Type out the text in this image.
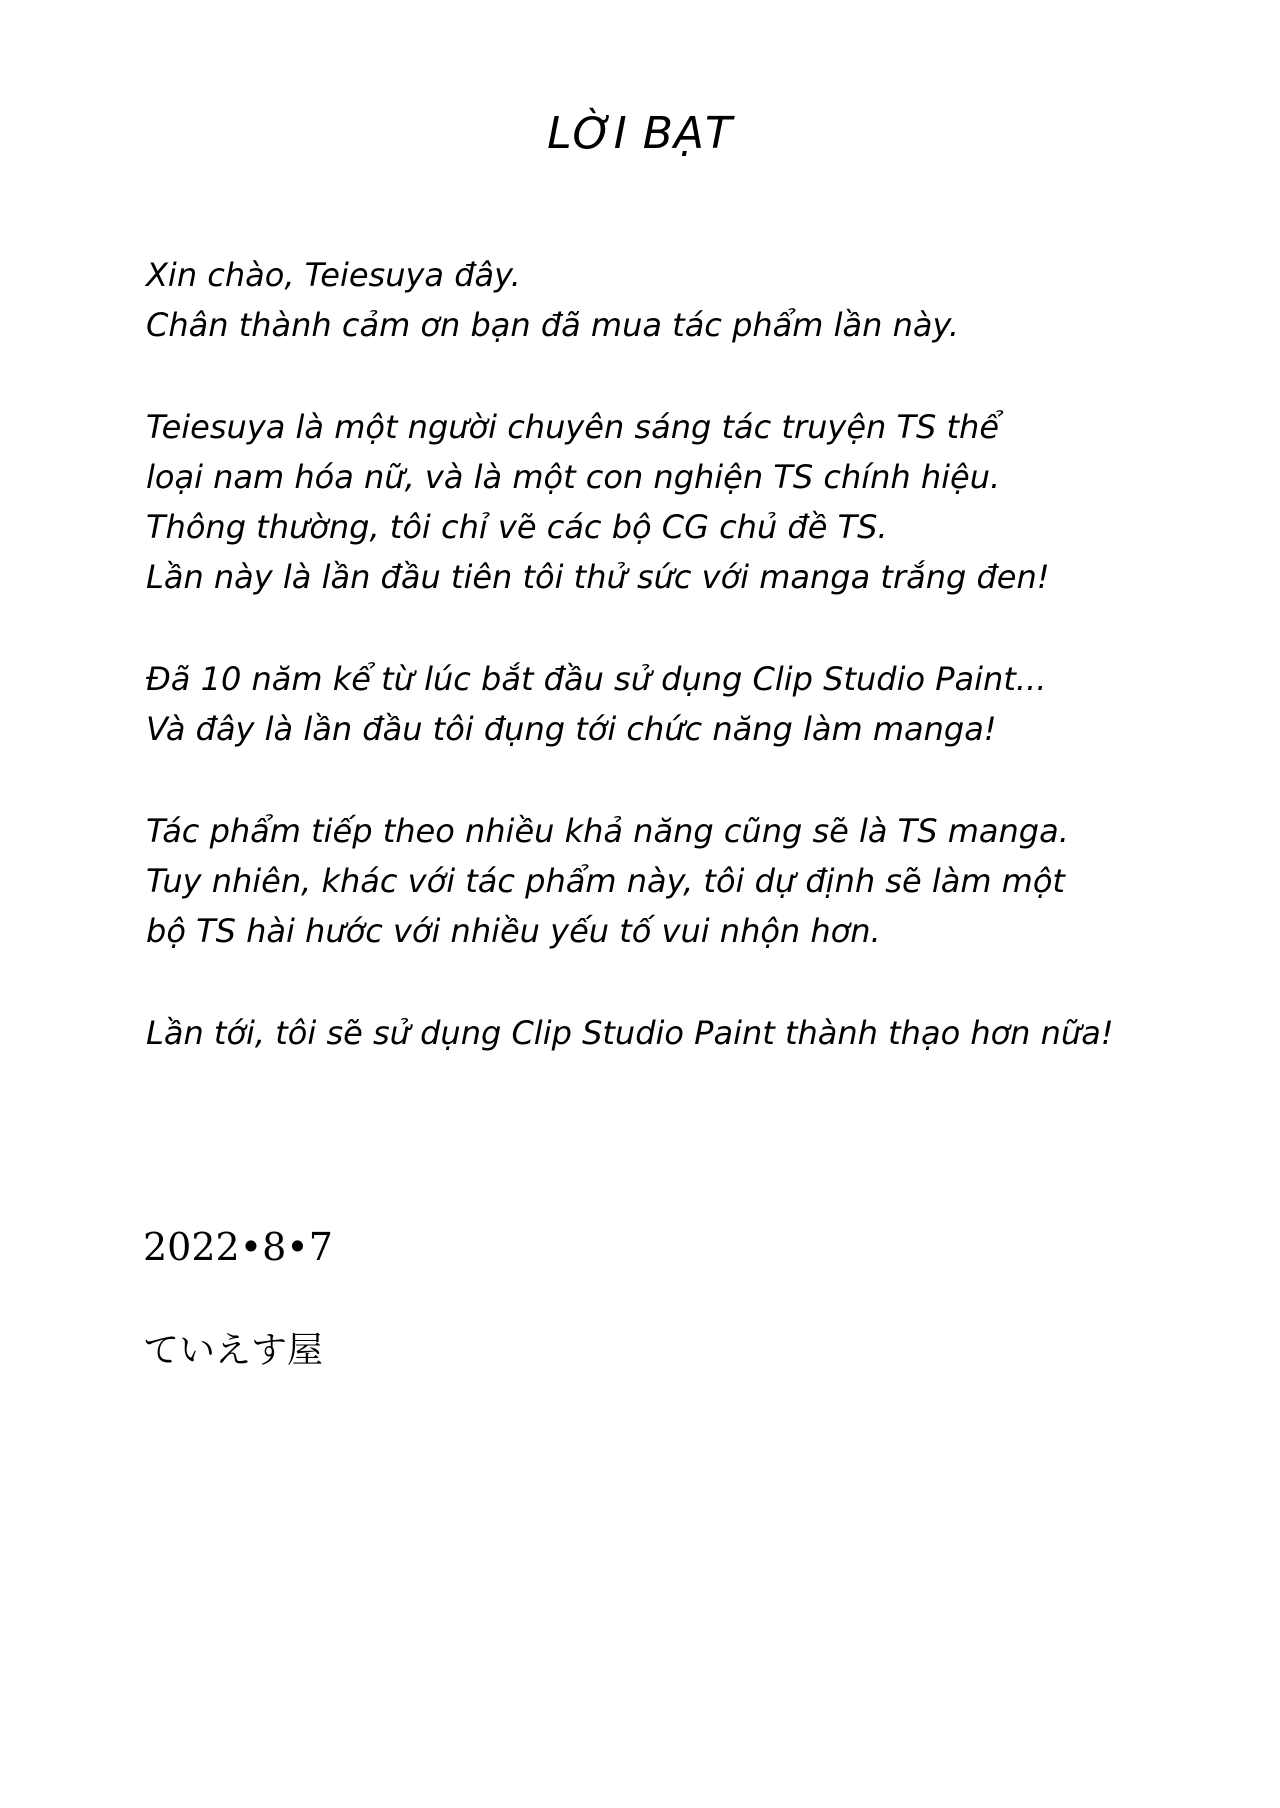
LỜI BẠT
Xin chào, Teiesuya đây.
Chân thành cảm ơn bạn đã mua tác phẩm lần này.
Teiesuya là một người chuyên sáng tác truyện TS thể
loại nam hóa nữ, và là một con nghiện TS chính hiệu.
Thông thường, tôi chỉ vẽ các bộ CG chủ đề TS.
Lần này là lần đầu tiên tôi thử sức với manga trắng đen!
Đã 10 năm kể từ lúc bắt đầu sử dụng Clip Studio Paint...
Và đây là lần đầu tôi đụng tới chức năng làm manga!
Tác phẩm tiếp theo nhiều khả năng cũng sẽ là TS manga.
Tuy nhiên, khác với tác phẩm này, tôi dự định sẽ làm một
bộ TS hài hước với nhiều yếu tố vui nhộn hơn.
Lần tới, tôi sẽ sử dụng Clip Studio Paint thành thạo hơn nữa!
2022•8•7
ていえす屋
